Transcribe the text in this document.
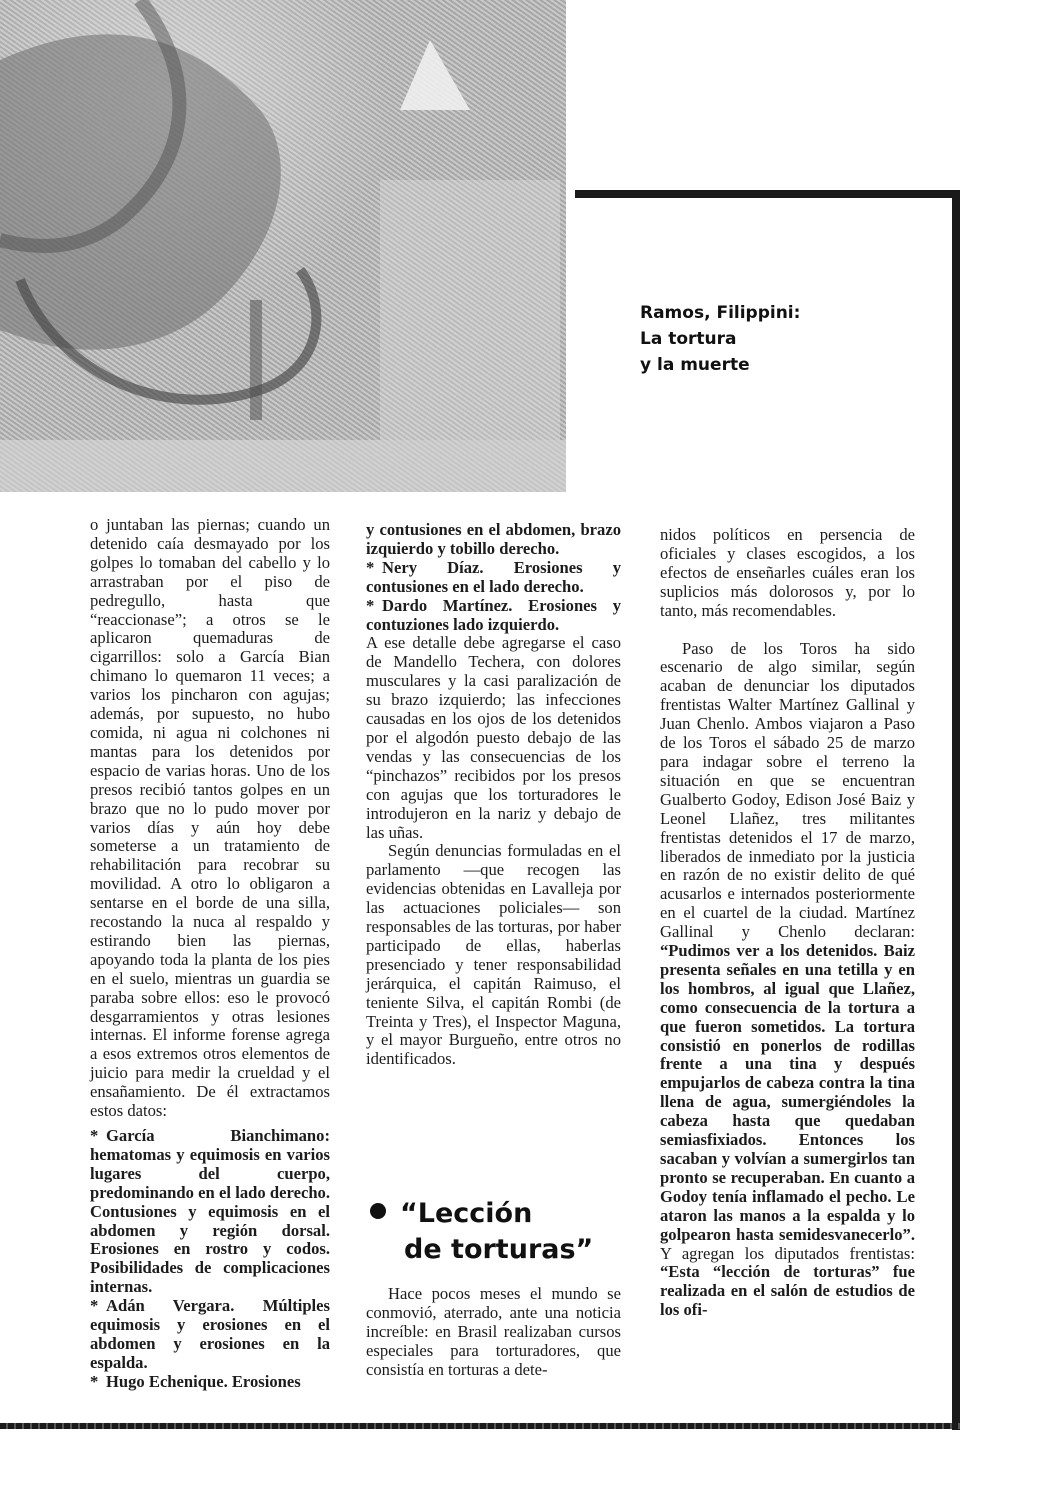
Ramos, Filippini:
La tortura
y la muerte

o juntaban las piernas; cuando un detenido caía desmayado por los golpes lo tomaban del cabello y lo arrastraban por el piso de pedregullo, hasta que “reaccionase”; a otros se le aplicaron quemaduras de cigarrillos: solo a García Bian chimano lo quemaron 11 veces; a varios los pincharon con agujas; además, por supuesto, no hubo comida, ni agua ni colchones ni mantas para los detenidos por espacio de varias horas. Uno de los presos recibió tantos golpes en un brazo que no lo pudo mover por varios días y aún hoy debe someterse a un tratamiento de rehabilitación para recobrar su movilidad. A otro lo obligaron a sentarse en el borde de una silla, recostando la nuca al respaldo y estirando bien las piernas, apoyando toda la planta de los pies en el suelo, mientras un guardia se paraba sobre ellos: eso le provocó desgarramientos y otras lesiones internas. El informe forense agrega a esos extremos otros elementos de juicio para medir la crueldad y el ensañamiento. De él extractamos estos datos:

* García Bianchimano: hematomas y equimosis en varios lugares del cuerpo, predominando en el lado derecho. Contusiones y equimosis en el abdomen y región dorsal. Erosiones en rostro y codos. Posibilidades de complicaciones internas.
* Adán Vergara. Múltiples equimosis y erosiones en el abdomen y erosiones en la espalda.
* Hugo Echenique. Erosiones

y contusiones en el abdomen, brazo izquierdo y tobillo derecho.

* Nery Díaz. Erosiones y contusiones en el lado derecho.
* Dardo Martínez. Erosiones y contuziones lado izquierdo.

A ese detalle debe agregarse el caso de Mandello Techera, con dolores musculares y la casi paralización de su brazo izquierdo; las infecciones causadas en los ojos de los detenidos por el algodón puesto debajo de las vendas y las consecuencias de los “pinchazos” recibidos por los presos con agujas que los torturadores le introdujeron en la nariz y debajo de las uñas.

Según denuncias formuladas en el parlamento —que recogen las evidencias obtenidas en Lavalleja por las actuaciones policiales— son responsables de las torturas, por haber participado de ellas, haberlas presenciado y tener responsabilidad jerárquica, el capitán Raimuso, el teniente Silva, el capitán Rombi (de Treinta y Tres), el Inspector Maguna, y el mayor Burgueño, entre otros no identificados.

“Lección
de torturas”

Hace pocos meses el mundo se conmovió, aterrado, ante una noticia increíble: en Brasil realizaban cursos especiales para torturadores, que consistía en torturas a dete-

nidos políticos en persencia de oficiales y clases escogidos, a los efectos de enseñarles cuáles eran los suplicios más dolorosos y, por lo tanto, más recomendables.

Paso de los Toros ha sido escenario de algo similar, según acaban de denunciar los diputados frentistas Walter Martínez Gallinal y Juan Chenlo. Ambos viajaron a Paso de los Toros el sábado 25 de marzo para indagar sobre el terreno la situación en que se encuentran Gualberto Godoy, Edison José Baiz y Leonel Llañez, tres militantes frentistas detenidos el 17 de marzo, liberados de inmediato por la justicia en razón de no existir delito de qué acusarlos e internados posteriormente en el cuartel de la ciudad. Martínez Gallinal y Chenlo declaran: “Pudimos ver a los detenidos. Baiz presenta señales en una tetilla y en los hombros, al igual que Llañez, como consecuencia de la tortura a que fueron sometidos. La tortura consistió en ponerlos de rodillas frente a una tina y después empujarlos de cabeza contra la tina llena de agua, sumergiéndoles la cabeza hasta que quedaban semiasfixiados. Entonces los sacaban y volvían a sumergirlos tan pronto se recuperaban. En cuanto a Godoy tenía inflamado el pecho. Le ataron las manos a la espalda y lo golpearon hasta semidesvanecerlo”. Y agregan los diputados frentistas: “Esta “lección de torturas” fue realizada en el salón de estudios de los ofi-
